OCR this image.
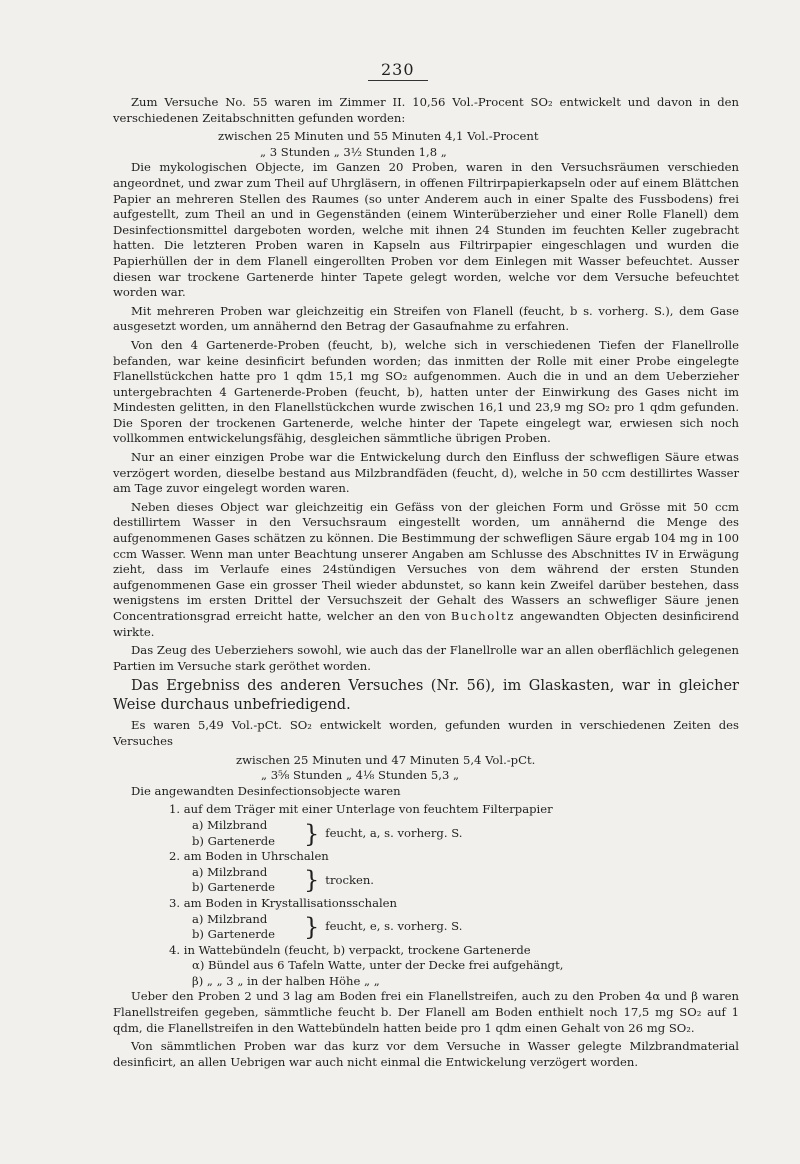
230

Zum Versuche No. 55 waren im Zimmer II. 10,56 Vol.-Procent SO₂ entwickelt und davon in den verschiedenen Zeitabschnitten gefunden worden:

zwischen 25 Minuten und 55 Minuten 4,1 Vol.-Procent
„ 3 Stunden „ 3½ Stunden 1,8 „

Die mykologischen Objecte, im Ganzen 20 Proben, waren in den Versuchsräumen verschieden angeordnet, und zwar zum Theil auf Uhrgläsern, in offenen Filtrirpapierkapseln oder auf einem Blättchen Papier an mehreren Stellen des Raumes (so unter Anderem auch in einer Spalte des Fussbodens) frei aufgestellt, zum Theil an und in Gegenständen (einem Winterüberzieher und einer Rolle Flanell) dem Desinfectionsmittel dargeboten worden, welche mit ihnen 24 Stunden im feuchten Keller zugebracht hatten. Die letzteren Proben waren in Kapseln aus Filtrirpapier eingeschlagen und wurden die Papierhüllen der in dem Flanell eingerollten Proben vor dem Einlegen mit Wasser befeuchtet. Ausser diesen war trockene Gartenerde hinter Tapete gelegt worden, welche vor dem Versuche befeuchtet worden war.

Mit mehreren Proben war gleichzeitig ein Streifen von Flanell (feucht, b s. vorherg. S.), dem Gase ausgesetzt worden, um annähernd den Betrag der Gasaufnahme zu erfahren.

Von den 4 Gartenerde-Proben (feucht, b), welche sich in verschiedenen Tiefen der Flanellrolle befanden, war keine desinficirt befunden worden; das inmitten der Rolle mit einer Probe eingelegte Flanellstückchen hatte pro 1 qdm 15,1 mg SO₂ aufgenommen. Auch die in und an dem Ueberzieher untergebrachten 4 Gartenerde-Proben (feucht, b), hatten unter der Einwirkung des Gases nicht im Mindesten gelitten, in den Flanellstückchen wurde zwischen 16,1 und 23,9 mg SO₂ pro 1 qdm gefunden. Die Sporen der trockenen Gartenerde, welche hinter der Tapete eingelegt war, erwiesen sich noch vollkommen entwickelungsfähig, desgleichen sämmtliche übrigen Proben.

Nur an einer einzigen Probe war die Entwickelung durch den Einfluss der schwefligen Säure etwas verzögert worden, dieselbe bestand aus Milzbrandfäden (feucht, d), welche in 50 ccm destillirtes Wasser am Tage zuvor eingelegt worden waren.

Neben dieses Object war gleichzeitig ein Gefäss von der gleichen Form und Grösse mit 50 ccm destillirtem Wasser in den Versuchsraum eingestellt worden, um annähernd die Menge des aufgenommenen Gases schätzen zu können. Die Bestimmung der schwefligen Säure ergab 104 mg in 100 ccm Wasser. Wenn man unter Beachtung unserer Angaben am Schlusse des Abschnittes IV in Erwägung zieht, dass im Verlaufe eines 24stündigen Versuches von dem während der ersten Stunden aufgenommenen Gase ein grosser Theil wieder abdunstet, so kann kein Zweifel darüber bestehen, dass wenigstens im ersten Drittel der Versuchszeit der Gehalt des Wassers an schwefliger Säure jenen Concentrationsgrad erreicht hatte, welcher an den von Bucholtz angewandten Objecten desinficirend wirkte.

Das Zeug des Ueberziehers sowohl, wie auch das der Flanellrolle war an allen oberflächlich gelegenen Partien im Versuche stark geröthet worden.

Das Ergebniss des anderen Versuches (Nr. 56), im Glaskasten, war in gleicher Weise durchaus unbefriedigend.

Es waren 5,49 Vol.-pCt. SO₂ entwickelt worden, gefunden wurden in verschiedenen Zeiten des Versuches

zwischen 25 Minuten und 47 Minuten 5,4 Vol.-pCt.
„ 3⅝ Stunden „ 4⅛ Stunden 5,3 „

Die angewandten Desinfectionsobjecte waren

1. auf dem Träger mit einer Unterlage von feuchtem Filterpapier
a) Milzbrand
b) Gartenerde	} feucht, a, s. vorherg. S.
2. am Boden in Uhrschalen
a) Milzbrand
b) Gartenerde	} trocken.
3. am Boden in Krystallisationsschalen
a) Milzbrand
b) Gartenerde	} feucht, e, s. vorherg. S.
4. in Wattebündeln (feucht, b) verpackt, trockene Gartenerde
α) Bündel aus 6 Tafeln Watte, unter der Decke frei aufgehängt,
β) „ „ 3 „ in der halben Höhe „ „

Ueber den Proben 2 und 3 lag am Boden frei ein Flanellstreifen, auch zu den Proben 4α und β waren Flanellstreifen gegeben, sämmtliche feucht b. Der Flanell am Boden enthielt noch 17,5 mg SO₂ auf 1 qdm, die Flanellstreifen in den Wattebündeln hatten beide pro 1 qdm einen Gehalt von 26 mg SO₂.

Von sämmtlichen Proben war das kurz vor dem Versuche in Wasser gelegte Milzbrandmaterial desinficirt, an allen Uebrigen war auch nicht einmal die Entwickelung verzögert worden.
